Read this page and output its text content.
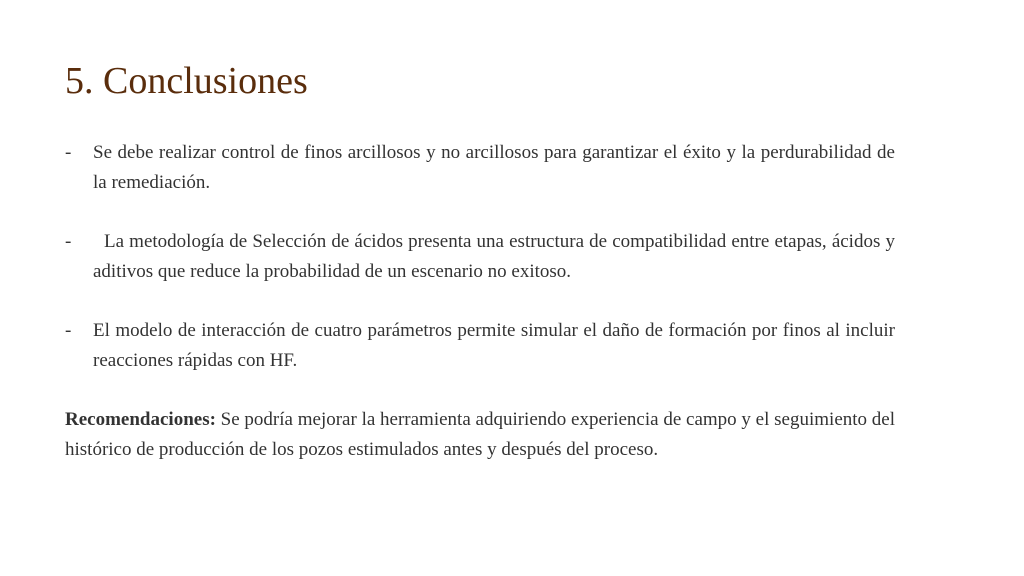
5. Conclusiones
- Se debe realizar control de finos arcillosos y no arcillosos para garantizar el éxito y la perdurabilidad de la remediación.
-	La metodología de Selección de ácidos presenta una estructura de compatibilidad entre etapas, ácidos y aditivos que reduce la probabilidad de un escenario no exitoso.
- El modelo de interacción de cuatro parámetros permite simular el daño de formación por finos al incluir reacciones rápidas con HF.

Recomendaciones: Se podría mejorar la herramienta adquiriendo experiencia de campo y el seguimiento del histórico de producción de los pozos estimulados antes y después del proceso.
